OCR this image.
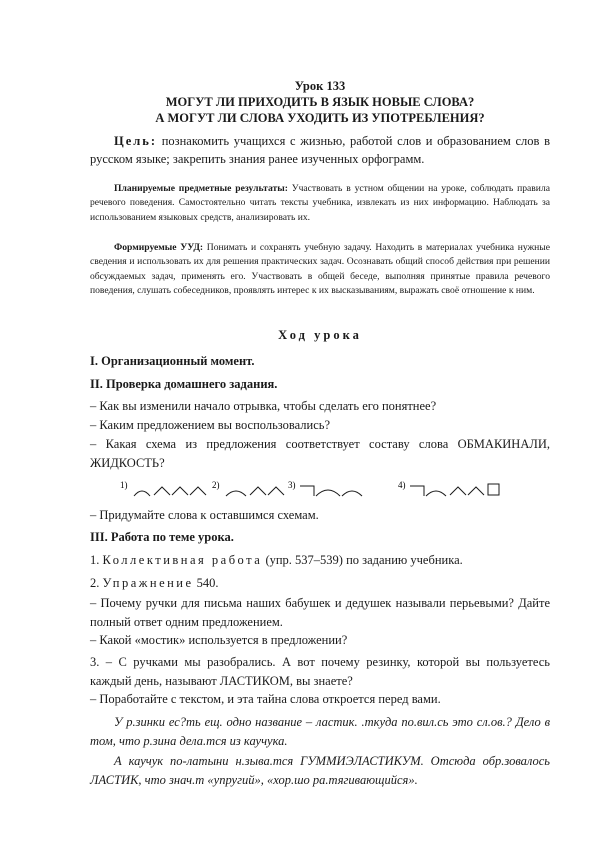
Урок 133
МОГУТ ЛИ ПРИХОДИТЬ В ЯЗЫК НОВЫЕ СЛОВА?
А МОГУТ ЛИ СЛОВА УХОДИТЬ ИЗ УПОТРЕБЛЕНИЯ?
Цель: познакомить учащихся с жизнью, работой слов и образованием слов в русском языке; закрепить знания ранее изученных орфограмм.
Планируемые предметные результаты: Участвовать в устном общении на уроке, соблюдать правила речевого поведения. Самостоятельно читать тексты учебника, извлекать из них информацию. Наблюдать за использованием языковых средств, анализировать их.
Формируемые УУД: Понимать и сохранять учебную задачу. Находить в материалах учебника нужные сведения и использовать их для решения практических задач. Осознавать общий способ действия при решении обсуждаемых задач, применять его. Участвовать в общей беседе, выполняя принятые правила речевого поведения, слушать собеседников, проявлять интерес к их высказываниям, выражать своё отношение к ним.
Ход урока
I. Организационный момент.
II. Проверка домашнего задания.
– Как вы изменили начало отрывка, чтобы сделать его понятнее?
– Каким предложением вы воспользовались?
– Какая схема из предложения соответствует составу слова ОБМАКИНАЛИ, ЖИДКОСТЬ?
1)	2)	3)	4)
– Придумайте слова к оставшимся схемам.
III. Работа по теме урока.
1. Коллективная работа (упр. 537–539) по заданию учебника.
2. Упражнение 540.
– Почему ручки для письма наших бабушек и дедушек называли перьевыми? Дайте полный ответ одним предложением.
– Какой «мостик» используется в предложении?
3. – С ручками мы разобрались. А вот почему резинку, которой вы пользуетесь каждый день, называют ЛАСТИКОМ, вы знаете?
– Поработайте с текстом, и эта тайна слова откроется перед вами.
У р.зинки ес?ть ещ. одно название – ластик. .ткуда по.вил.сь это сл.ов.? Дело в том, что р.зина дела.тся из каучука.
А каучук по-латыни н.зыва.тся ГУММИЭЛАСТИКУМ. Отсюда обр.зовалось ЛАСТИК, что знач.т «упругий», «хор.шо ра.тягивающийся».
